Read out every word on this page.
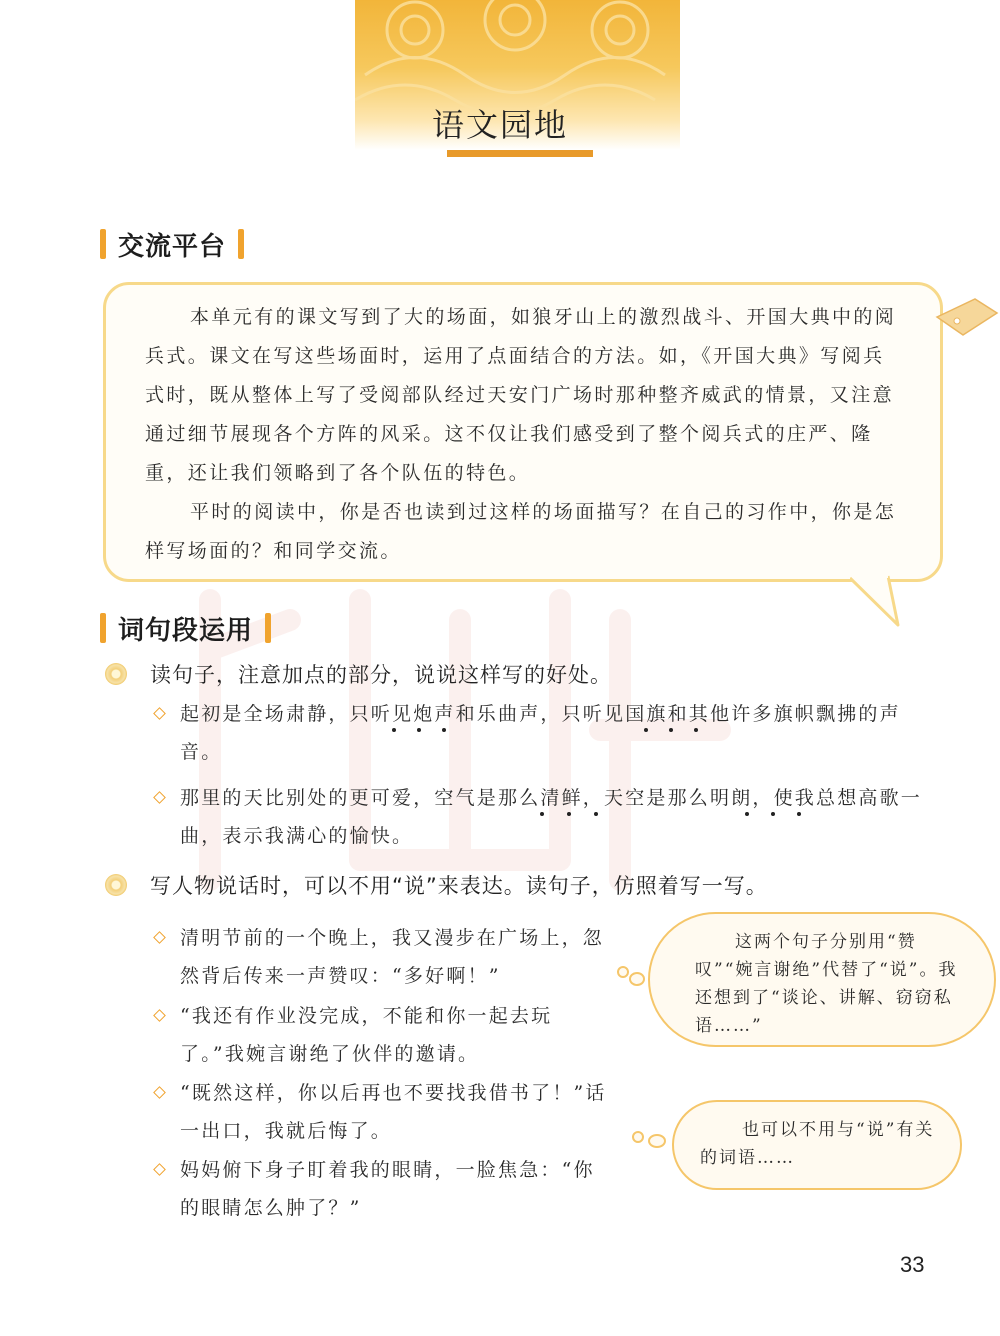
语文园地
交流平台

本单元有的课文写到了大的场面，如狼牙山上的激烈战斗、开国大典中的阅兵式。课文在写这些场面时，运用了点面结合的方法。如，《开国大典》写阅兵式时，既从整体上写了受阅部队经过天安门广场时那种整齐威武的情景，又注意通过细节展现各个方阵的风采。这不仅让我们感受到了整个阅兵式的庄严、隆重，还让我们领略到了各个队伍的特色。

平时的阅读中，你是否也读到过这样的场面描写？在自己的习作中，你是怎样写场面的？和同学交流。

词句段运用
读句子，注意加点的部分，说说这样写的好处。

起初是全场肃静，只听见炮声和乐曲声，只听见国旗和其他许多旗帜飘拂的声音。

那里的天比别处的更可爱，空气是那么清鲜，天空是那么明朗，使我总想高歌一曲，表示我满心的愉快。

写人物说话时，可以不用“说”来表达。读句子，仿照着写一写。

清明节前的一个晚上，我又漫步在广场上，忽然背后传来一声赞叹：“多好啊！”

“我还有作业没完成，不能和你一起去玩了。”我婉言谢绝了伙伴的邀请。

“既然这样，你以后再也不要找我借书了！”话一出口，我就后悔了。

妈妈俯下身子盯着我的眼睛，一脸焦急：“你的眼睛怎么肿了？”

这两个句子分别用“赞叹”“婉言谢绝”代替了“说”。我还想到了“谈论、讲解、窃窃私语……”

也可以不用与“说”有关的词语……

33
